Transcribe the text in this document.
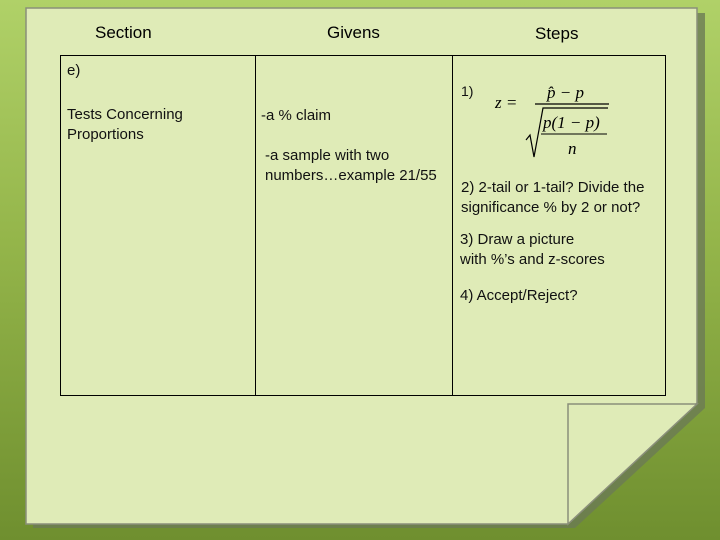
Section	Givens	Steps
e)
Tests Concerning
Proportions
-a % claim
-a sample with two
numbers…example 21/55
1)
2) 2-tail or 1-tail? Divide the
significance % by 2 or not?
3) Draw a picture
with %’s and z-scores
4) Accept/Reject?
z =
p̂ − p
p(1 − p)
n
